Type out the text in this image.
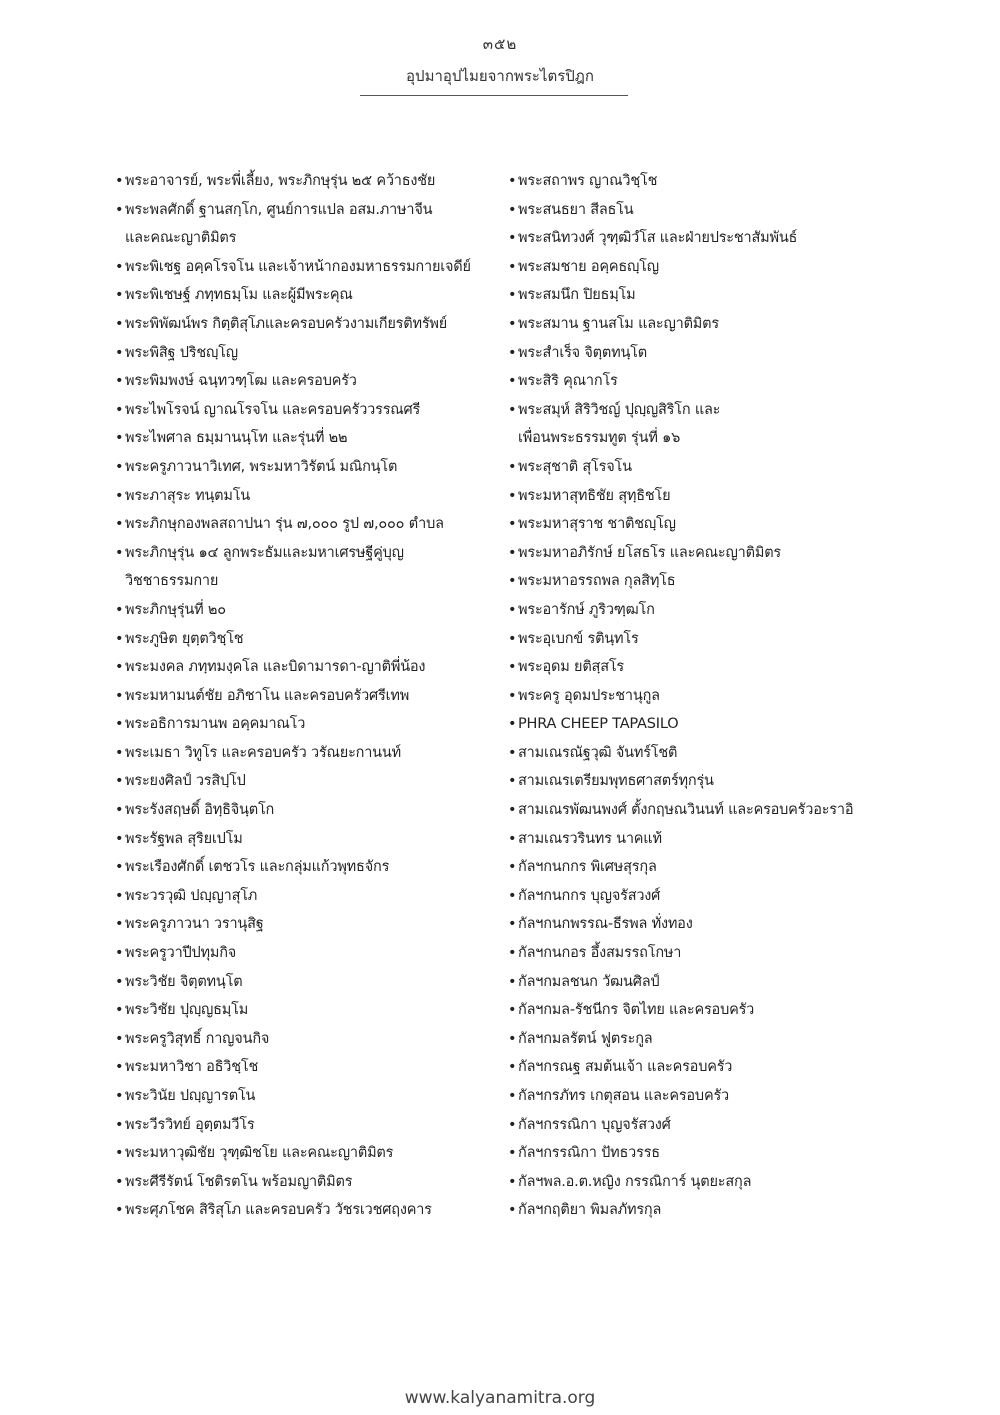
๓๕๒
อุปมาอุปไมยจากพระไตรปิฎก
• พระอาจารย์, พระพี่เลี้ยง, พระภิกษุรุ่น ๒๕ คว้าธงชัย
• พระพลศักดิ์ ฐานสกฺโก, ศูนย์การแปล อสม.ภาษาจีน
และคณะญาติมิตร
• พระพิเชฐ อคฺคโรจโน และเจ้าหน้ากองมหาธรรมกายเจดีย์
• พระพิเชษฐ์ ภทฺทธมฺโม และผู้มีพระคุณ
• พระพิพัฒน์พร กิตฺติสุโภและครอบครัวงามเกียรติทรัพย์
• พระพิสิฐ ปริชญฺโญ
• พระพิมพงษ์ ฉนฺทวฑฺโฒ และครอบครัว
• พระไพโรจน์ ญาณโรจโน และครอบครัววรรณศรี
• พระไพศาล ธมฺมานนฺโท และรุ่นที่ ๒๒
• พระครูภาวนาวิเทศ, พระมหาวิรัตน์ มณิกนฺโต
• พระภาสุระ ทนฺตมโน
• พระภิกษุกองพลสถาปนา รุ่น ๗,๐๐๐ รูป ๗,๐๐๐ ตำบล
• พระภิกษุรุ่น ๑๔ ลูกพระธัมและมหาเศรษฐีคู่บุญ
วิชชาธรรมกาย
• พระภิกษุรุ่นที่ ๒๐
• พระภูษิต ยุตฺตวิชฺโช
• พระมงคล ภทฺทมงฺคโล และบิดามารดา-ญาติพี่น้อง
• พระมหามนต์ชัย อภิชาโน และครอบครัวศรีเทพ
• พระอธิการมานพ อคฺคมาณโว
• พระเมธา วิทูโร และครอบครัว วรัณยะกานนท์
• พระยงศิลป์ วรสิปฺโป
• พระรังสฤษดิ์ อิทฺธิจินฺตโก
• พระรัฐพล สุริยเปโม
• พระเรืองศักดิ์ เตชวโร และกลุ่มแก้วพุทธจักร
• พระวรวุฒิ ปญฺญาสุโภ
• พระครูภาวนา วรานุสิฐ
• พระครูวาปีปทุมกิจ
• พระวิชัย จิตฺตทนฺโต
• พระวิชัย ปุญฺญธมฺโม
• พระครูวิสุทธิ์ กาญจนกิจ
• พระมหาวิชา อธิวิชฺโช
• พระวินัย ปญฺญารตโน
• พระวีรวิทย์ อุตฺตมวีโร
• พระมหาวุฒิชัย วุฑฺฒิชโย และคณะญาติมิตร
• พระศีรีรัตน์ โชติรตโน พร้อมญาติมิตร
• พระศุภโชค สิริสุโภ และครอบครัว วัชรเวชศฤงคาร
• พระสถาพร ญาณวิชฺโช
• พระสนธยา สีลธโน
• พระสนิทวงศ์ วุฑฺฒิวํโส และฝ่ายประชาสัมพันธ์
• พระสมชาย อคฺคธญฺโญ
• พระสมนึก ปิยธมฺโม
• พระสมาน ฐานสโม และญาติมิตร
• พระสำเร็จ จิตฺตทนฺโต
• พระสิริ คุณากโร
• พระสมุห์ สิริวิชญ์ ปุญฺญสิริโก และ
เพื่อนพระธรรมทูต รุ่นที่ ๑๖
• พระสุชาติ สุโรจโน
• พระมหาสุทธิชัย สุทฺธิชโย
• พระมหาสุราช ชาติชญฺโญ
• พระมหาอภิรักษ์ ยโสธโร และคณะญาติมิตร
• พระมหาอรรถพล กุลสิทฺโธ
• พระอารักษ์ ภูริวฑฺฒโก
• พระอุเบกข์ รตินฺทโร
• พระอุดม ยติสฺสโร
• พระครู อุดมประชานุกูล
• PHRA CHEEP TAPASILO
• สามเณรณัฐวุฒิ จันทร์โชติ
• สามเณรเตรียมพุทธศาสตร์ทุกรุ่น
• สามเณรพัฒนพงศ์ ตั้งกฤษณวินนท์ และครอบครัวอะราอิ
• สามเณรวรินทร นาคแท้
• กัลฯกนกกร พิเศษสุรกุล
• กัลฯกนกกร บุญจรัสวงศ์
• กัลฯกนกพรรณ-ธีรพล ทั่งทอง
• กัลฯกนกอร อึ้งสมรรถโกษา
• กัลฯกมลชนก วัฒนศิลป์
• กัลฯกมล-รัชนีกร จิตไทย และครอบครัว
• กัลฯกมลรัตน์ ฟูตระกูล
• กัลฯกรณฐ สมต้นเจ้า และครอบครัว
• กัลฯกรภัทร เกตุสอน และครอบครัว
• กัลฯกรรณิกา บุญจรัสวงศ์
• กัลฯกรรณิกา ปัทธวรรธ
• กัลฯพล.อ.ต.หญิง กรรณิการ์ นุตยะสกุล
• กัลฯกฤติยา พิมลภัทรกุล
www.kalyanamitra.org
